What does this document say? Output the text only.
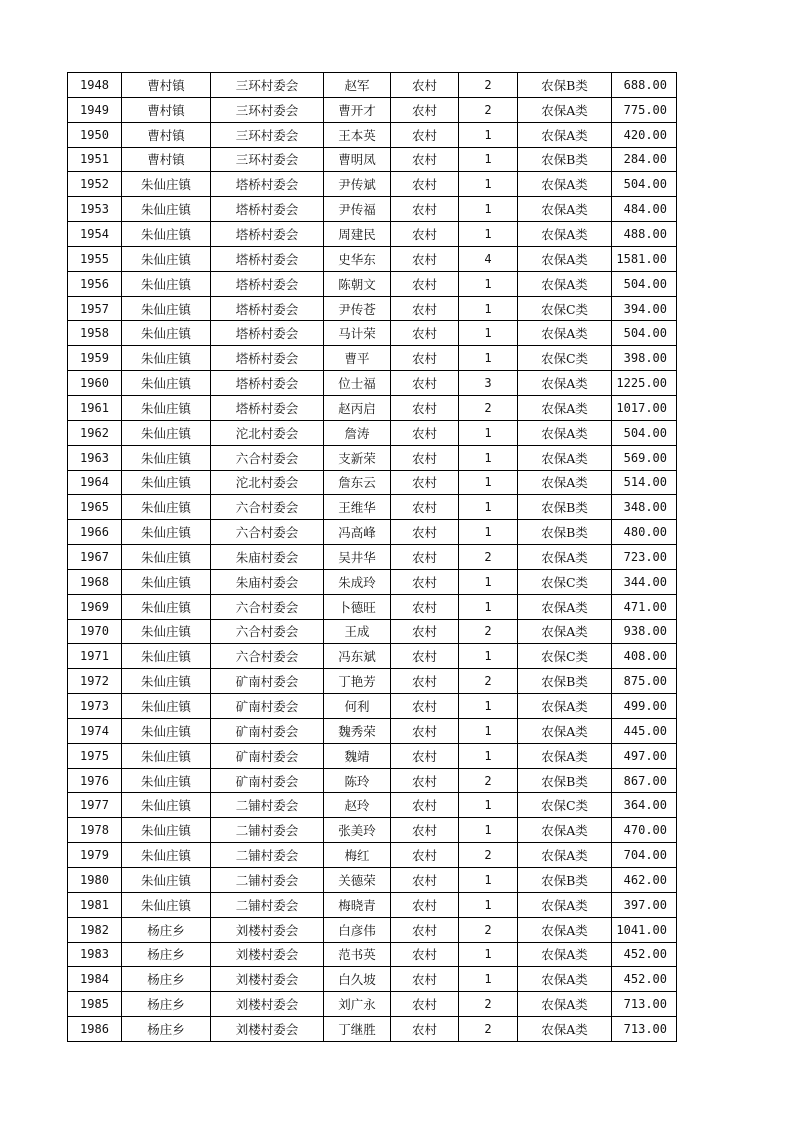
1948	曹村镇	三环村委会	赵军	农村	2	农保B类	688.00
1949	曹村镇	三环村委会	曹开才	农村	2	农保A类	775.00
1950	曹村镇	三环村委会	王本英	农村	1	农保A类	420.00
1951	曹村镇	三环村委会	曹明凤	农村	1	农保B类	284.00
1952	朱仙庄镇	塔桥村委会	尹传斌	农村	1	农保A类	504.00
1953	朱仙庄镇	塔桥村委会	尹传福	农村	1	农保A类	484.00
1954	朱仙庄镇	塔桥村委会	周建民	农村	1	农保A类	488.00
1955	朱仙庄镇	塔桥村委会	史华东	农村	4	农保A类	1581.00
1956	朱仙庄镇	塔桥村委会	陈朝文	农村	1	农保A类	504.00
1957	朱仙庄镇	塔桥村委会	尹传苍	农村	1	农保C类	394.00
1958	朱仙庄镇	塔桥村委会	马计荣	农村	1	农保A类	504.00
1959	朱仙庄镇	塔桥村委会	曹平	农村	1	农保C类	398.00
1960	朱仙庄镇	塔桥村委会	位士福	农村	3	农保A类	1225.00
1961	朱仙庄镇	塔桥村委会	赵丙启	农村	2	农保A类	1017.00
1962	朱仙庄镇	沱北村委会	詹涛	农村	1	农保A类	504.00
1963	朱仙庄镇	六合村委会	支新荣	农村	1	农保A类	569.00
1964	朱仙庄镇	沱北村委会	詹东云	农村	1	农保A类	514.00
1965	朱仙庄镇	六合村委会	王维华	农村	1	农保B类	348.00
1966	朱仙庄镇	六合村委会	冯高峰	农村	1	农保B类	480.00
1967	朱仙庄镇	朱庙村委会	吴井华	农村	2	农保A类	723.00
1968	朱仙庄镇	朱庙村委会	朱成玲	农村	1	农保C类	344.00
1969	朱仙庄镇	六合村委会	卜德旺	农村	1	农保A类	471.00
1970	朱仙庄镇	六合村委会	王成	农村	2	农保A类	938.00
1971	朱仙庄镇	六合村委会	冯东斌	农村	1	农保C类	408.00
1972	朱仙庄镇	矿南村委会	丁艳芳	农村	2	农保B类	875.00
1973	朱仙庄镇	矿南村委会	何利	农村	1	农保A类	499.00
1974	朱仙庄镇	矿南村委会	魏秀荣	农村	1	农保A类	445.00
1975	朱仙庄镇	矿南村委会	魏靖	农村	1	农保A类	497.00
1976	朱仙庄镇	矿南村委会	陈玲	农村	2	农保B类	867.00
1977	朱仙庄镇	二铺村委会	赵玲	农村	1	农保C类	364.00
1978	朱仙庄镇	二铺村委会	张美玲	农村	1	农保A类	470.00
1979	朱仙庄镇	二铺村委会	梅红	农村	2	农保A类	704.00
1980	朱仙庄镇	二铺村委会	关德荣	农村	1	农保B类	462.00
1981	朱仙庄镇	二铺村委会	梅晓青	农村	1	农保A类	397.00
1982	杨庄乡	刘楼村委会	白彦伟	农村	2	农保A类	1041.00
1983	杨庄乡	刘楼村委会	范书英	农村	1	农保A类	452.00
1984	杨庄乡	刘楼村委会	白久坡	农村	1	农保A类	452.00
1985	杨庄乡	刘楼村委会	刘广永	农村	2	农保A类	713.00
1986	杨庄乡	刘楼村委会	丁继胜	农村	2	农保A类	713.00
